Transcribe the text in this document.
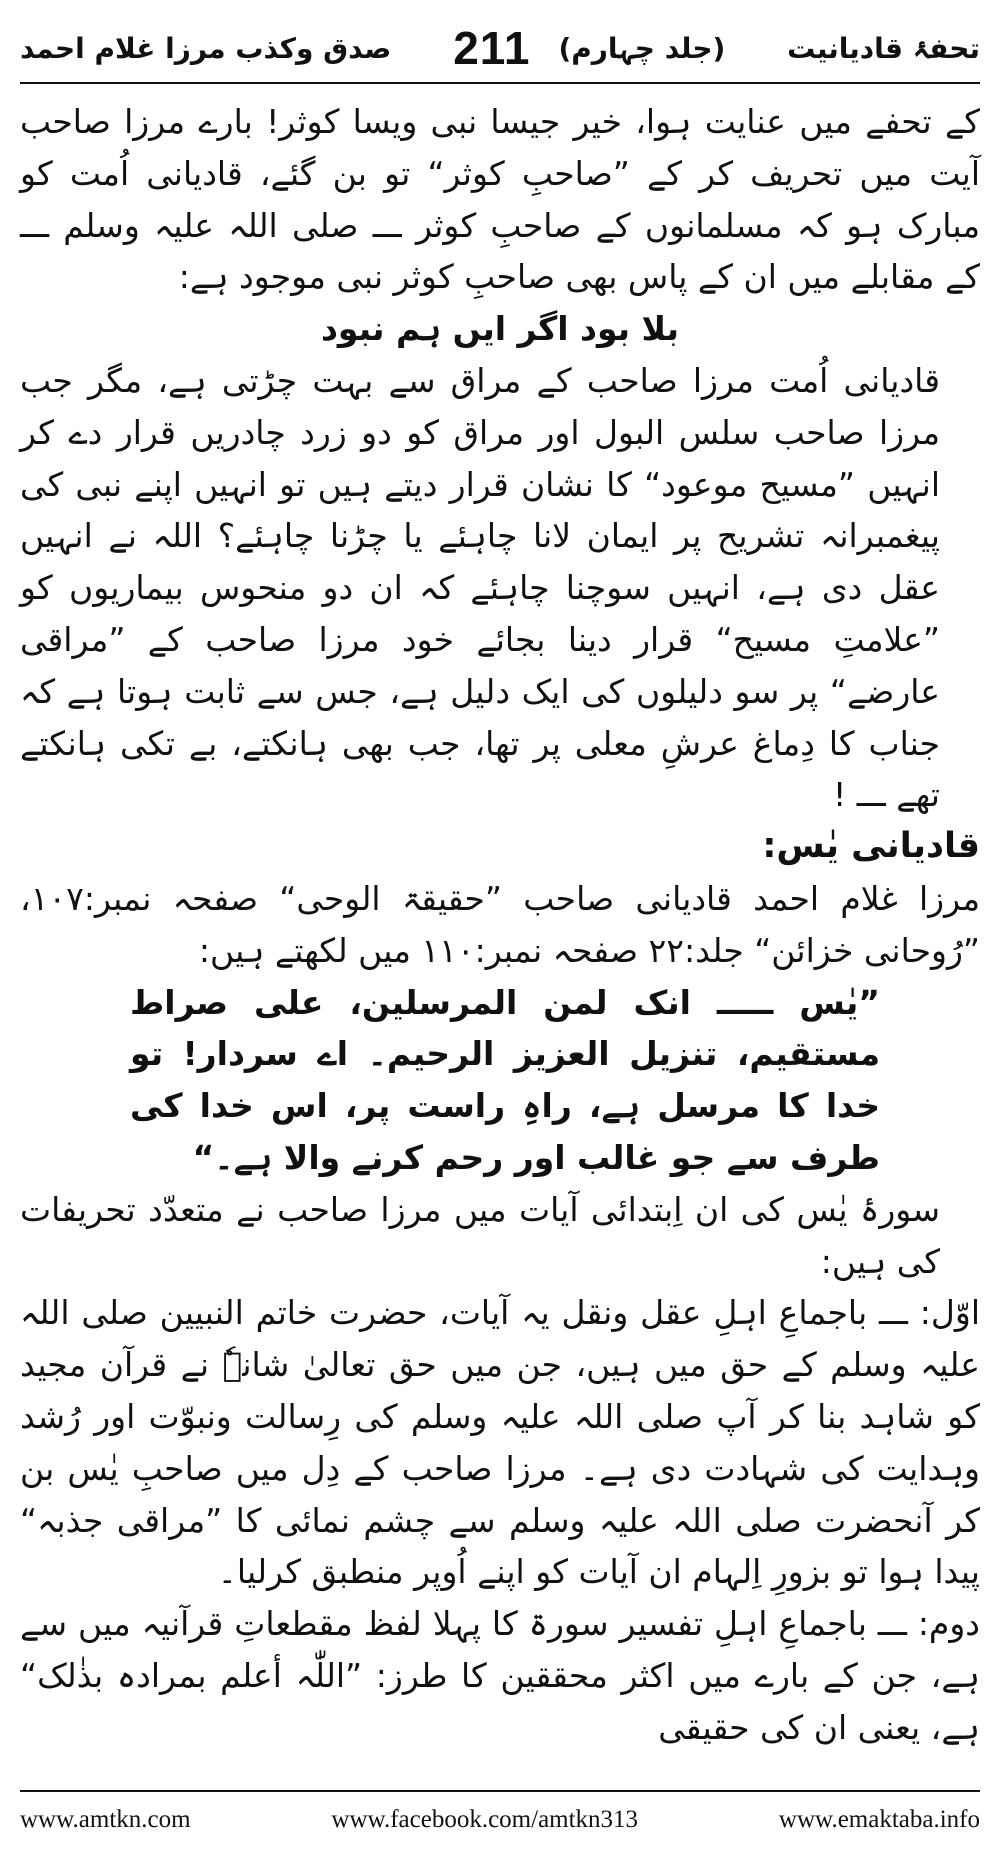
تحفۂ قادیانیت
(جلد چہارم)
211
صدق وکذب مرزا غلام احمد

کے تحفے میں عنایت ہوا، خیر جیسا نبی ویسا کوثر! بارے مرزا صاحب آیت میں تحریف کر کے ”صاحبِ کوثر“ تو بن گئے، قادیانی اُمت کو مبارک ہو کہ مسلمانوں کے صاحبِ کوثر ـــ صلی اللہ علیہ وسلم ـــ کے مقابلے میں ان کے پاس بھی صاحبِ کوثر نبی موجود ہے:

بلا بود اگر ایں ہم نبود

قادیانی اُمت مرزا صاحب کے مراق سے بہت چڑتی ہے، مگر جب مرزا صاحب سلس البول اور مراق کو دو زرد چادریں قرار دے کر انہیں ”مسیح موعود“ کا نشان قرار دیتے ہیں تو انہیں اپنے نبی کی پیغمبرانہ تشریح پر ایمان لانا چاہئے یا چڑنا چاہئے؟ اللہ نے انہیں عقل دی ہے، انہیں سوچنا چاہئے کہ ان دو منحوس بیماریوں کو ”علامتِ مسیح“ قرار دینا بجائے خود مرزا صاحب کے ”مراقی عارضے“ پر سو دلیلوں کی ایک دلیل ہے، جس سے ثابت ہوتا ہے کہ جناب کا دِماغ عرشِ معلی پر تھا، جب بھی ہانکتے، بے تکی ہانکتے تھے ـــ !

قادیانی یٰس:

مرزا غلام احمد قادیانی صاحب ”حقیقۃ الوحی“ صفحہ نمبر:۱۰۷، ”رُوحانی خزائن“ جلد:۲۲ صفحہ نمبر:۱۱۰ میں لکھتے ہیں:

”یٰس ـــــ انک لمن المرسلین، علی صراط مستقیم، تنزیل العزیز الرحیم۔ اے سردار! تو خدا کا مرسل ہے، راہِ راست پر، اس خدا کی طرف سے جو غالب اور رحم کرنے والا ہے۔“

سورۂ یٰس کی ان اِبتدائی آیات میں مرزا صاحب نے متعدّد تحریفات کی ہیں:

اوّل: ـــ باجماعِ اہلِ عقل ونقل یہ آیات، حضرت خاتم النبیین صلی اللہ علیہ وسلم کے حق میں ہیں، جن میں حق تعالیٰ شانہٗ نے قرآن مجید کو شاہد بنا کر آپ صلی اللہ علیہ وسلم کی رِسالت ونبوّت اور رُشد وہدایت کی شہادت دی ہے۔ مرزا صاحب کے دِل میں صاحبِ یٰس بن کر آنحضرت صلی اللہ علیہ وسلم سے چشم نمائی کا ”مراقی جذبہ“ پیدا ہوا تو بزورِ اِلہام ان آیات کو اپنے اُوپر منطبق کرلیا۔

دوم: ـــ باجماعِ اہلِ تفسیر سورۃ کا پہلا لفظ مقطعاتِ قرآنیہ میں سے ہے، جن کے بارے میں اکثر محققین کا طرز: ”اللّٰہ أعلم بمرادہ بذٰلک“ ہے، یعنی ان کی حقیقی

www.amtkn.com	www.facebook.com/amtkn313	www.emaktaba.info
